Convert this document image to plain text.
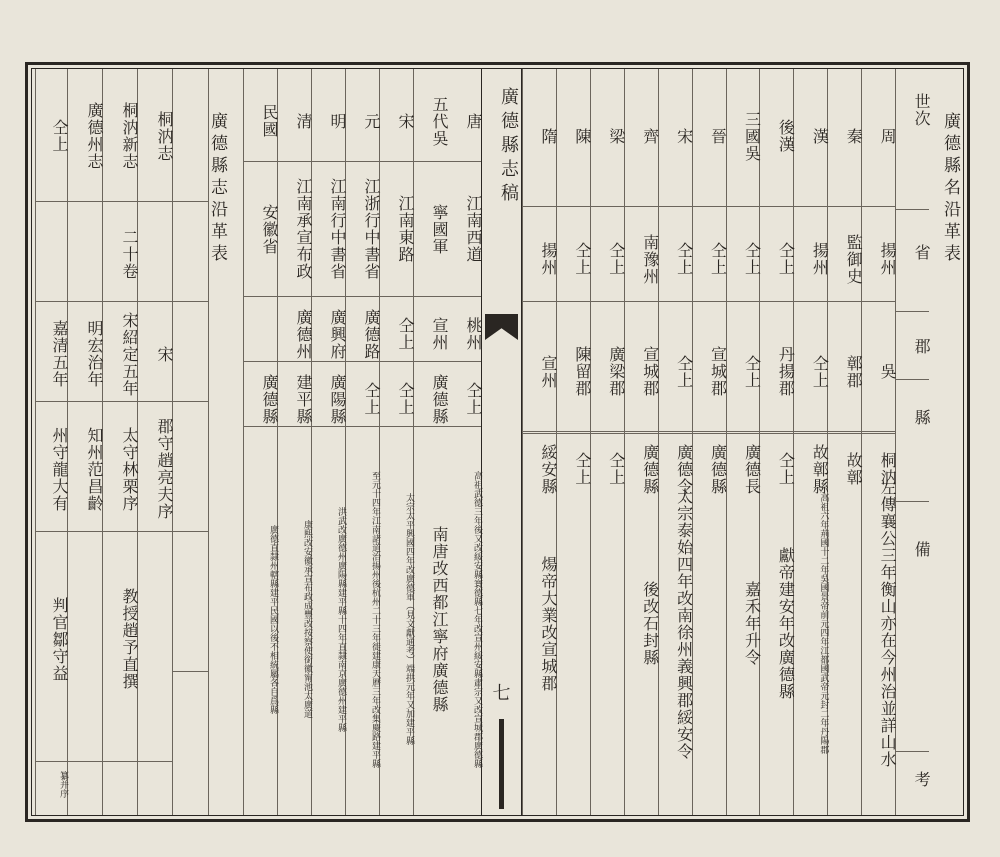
廣德縣名沿革表
廣德縣志稿
七
世次
省
郡
縣
備
考
周
揚州
吳
桐汭
左傳襄公三年衡山亦在今州治並詳山水
秦
監御史
鄣郡
故鄣
漢
揚州
仝上
故鄣縣
高祖六年荊國十二年吳國景帝前元四年江都國武帝元封二年丹陽郡
後漢
仝上
丹揚郡
仝上
獻帝建安年改廣德縣
三國吳
仝上
仝上
廣德長
嘉禾年升令
晉
仝上
宣城郡
廣德縣
宋
仝上
仝上
廣德令
太宗泰始四年改南徐州義興郡綏安令
齊
南豫州
宣城郡
廣德縣
後改石封縣
梁
仝上
廣梁郡
仝上
陳
仝上
陳留郡
仝上
隋
揚州
宣州
綏安縣
煬帝大業改宣城郡
唐
江南西道
桃州
仝上
高祖武德三年後又改綏安縣寰德縣七年改宣州綏安縣肅宗又改宣城郡廣德縣
五代吳
寧國軍
宣州
廣德縣
南唐改西都江寧府廣德縣
宋
江南東路
仝上
仝上
太宗太平興國四年改廣德軍（見文獻通考）端拱元年又加建平縣
元
江浙行中書省
廣德路
仝上
至元十四年江南諸道治揚州後杭州二十三年徙建康天曆三年改集慶路建平縣
明
江南行中書省
廣興府
廣陽縣
洪武改廣德州廣陽縣建平縣十四年直隸南京廣德州建平縣
清
江南承宣布政
廣德州
建平縣
康熙改安徽承宣布政成豐改按察使銜徽甯池太廣道
民國
安徽省
廣德縣
廣德直隸州轄縣建平民國以後不相統屬各自爲縣
桐汭志
宋
郡守趙亮夫序
桐汭新志
二十卷
宋紹定五年
太守林栗序
教授趙予直撰
廣德州志
明宏治年
知州范昌齡
仝上
嘉清五年
州守龍大有
判官鄒守益
纂并序
廣德縣志沿革表
